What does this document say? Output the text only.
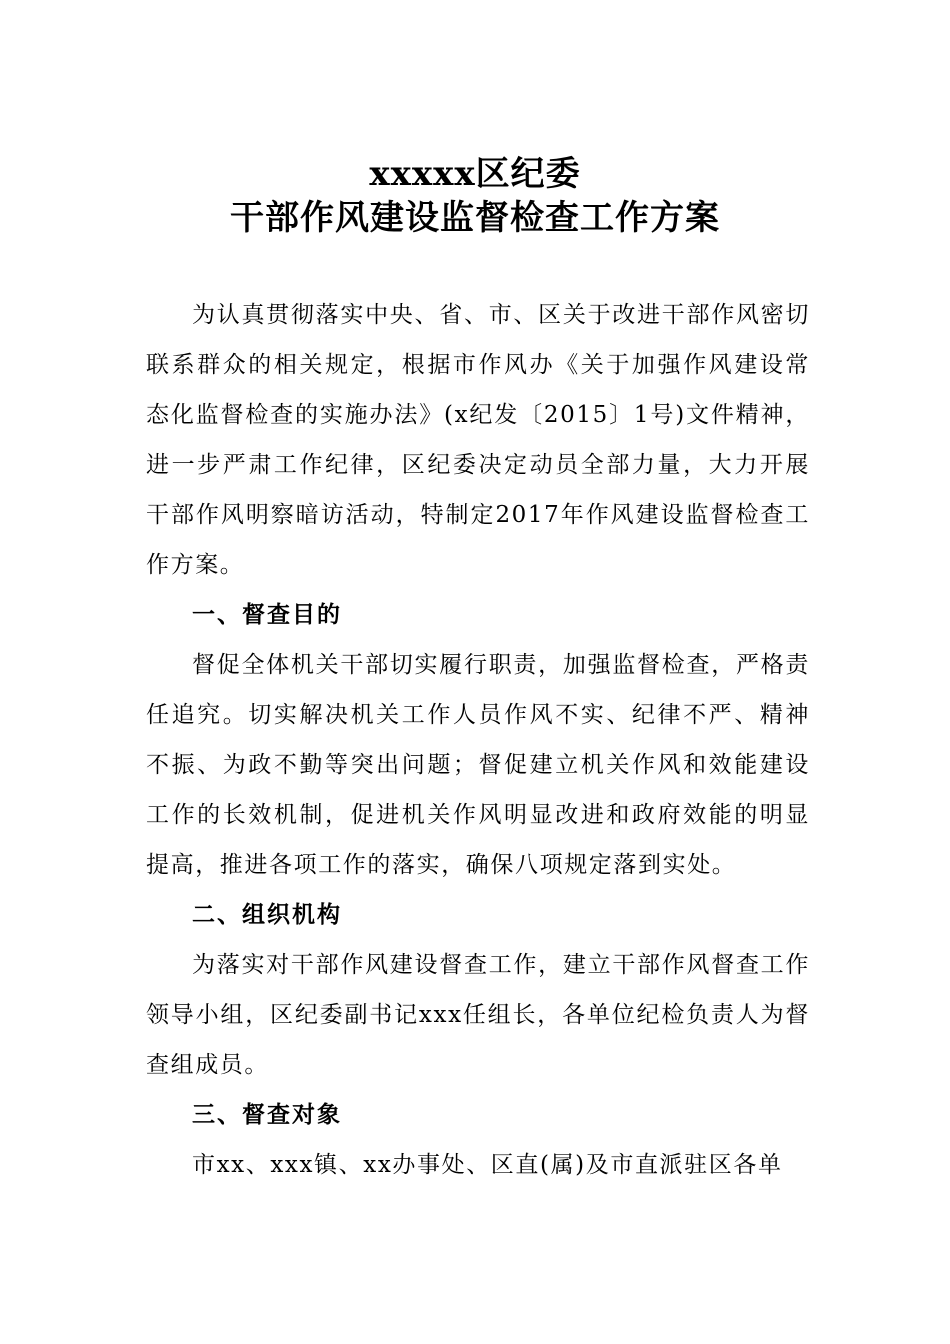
xxxxx区纪委
干部作风建设监督检查工作方案

为认真贯彻落实中央、省、市、区关于改进干部作风密切联系群众的相关规定，根据市作风办《关于加强作风建设常态化监督检查的实施办法》(x纪发〔2015〕1号)文件精神，进一步严肃工作纪律，区纪委决定动员全部力量，大力开展干部作风明察暗访活动，特制定2017年作风建设监督检查工作方案。

一、督查目的

督促全体机关干部切实履行职责，加强监督检查，严格责任追究。切实解决机关工作人员作风不实、纪律不严、精神不振、为政不勤等突出问题；督促建立机关作风和效能建设工作的长效机制，促进机关作风明显改进和政府效能的明显提高，推进各项工作的落实，确保八项规定落到实处。

二、组织机构

为落实对干部作风建设督查工作，建立干部作风督查工作领导小组，区纪委副书记xxx任组长，各单位纪检负责人为督查组成员。

三、督查对象

市xx、xxx镇、xx办事处、区直(属)及市直派驻区各单
